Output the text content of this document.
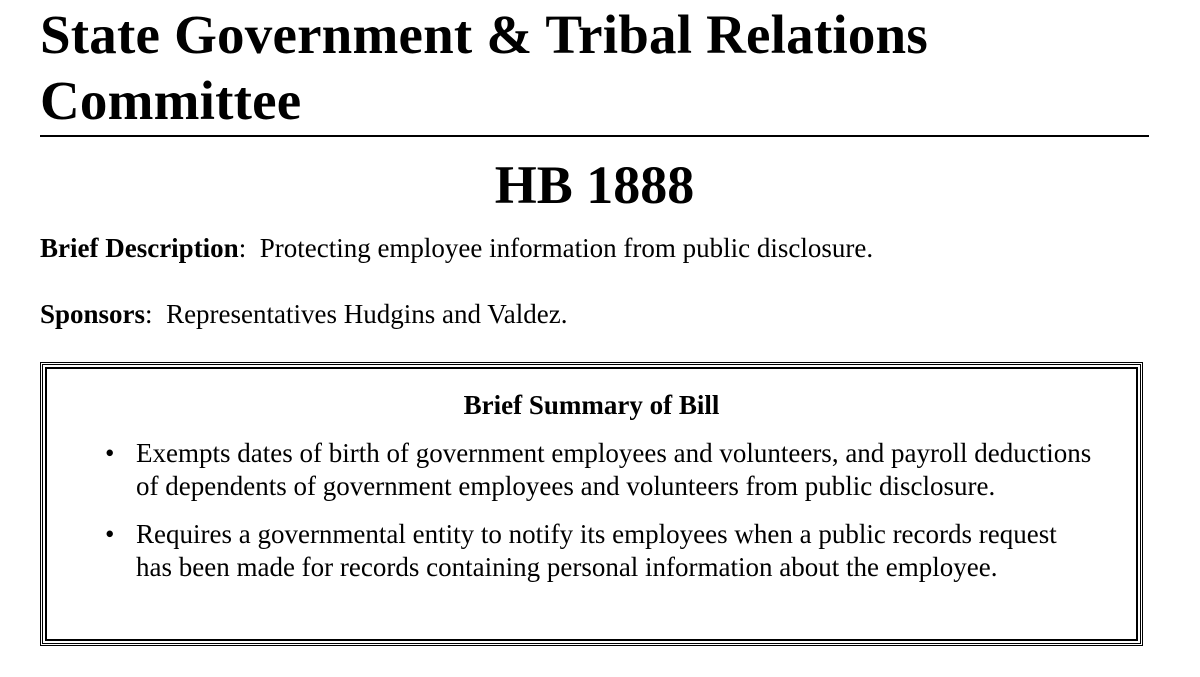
State Government & Tribal Relations Committee
HB 1888
Brief Description: Protecting employee information from public disclosure.
Sponsors: Representatives Hudgins and Valdez.
Brief Summary of Bill
• Exempts dates of birth of government employees and volunteers, and payroll deductions of dependents of government employees and volunteers from public disclosure.
• Requires a governmental entity to notify its employees when a public records request has been made for records containing personal information about the employee.
